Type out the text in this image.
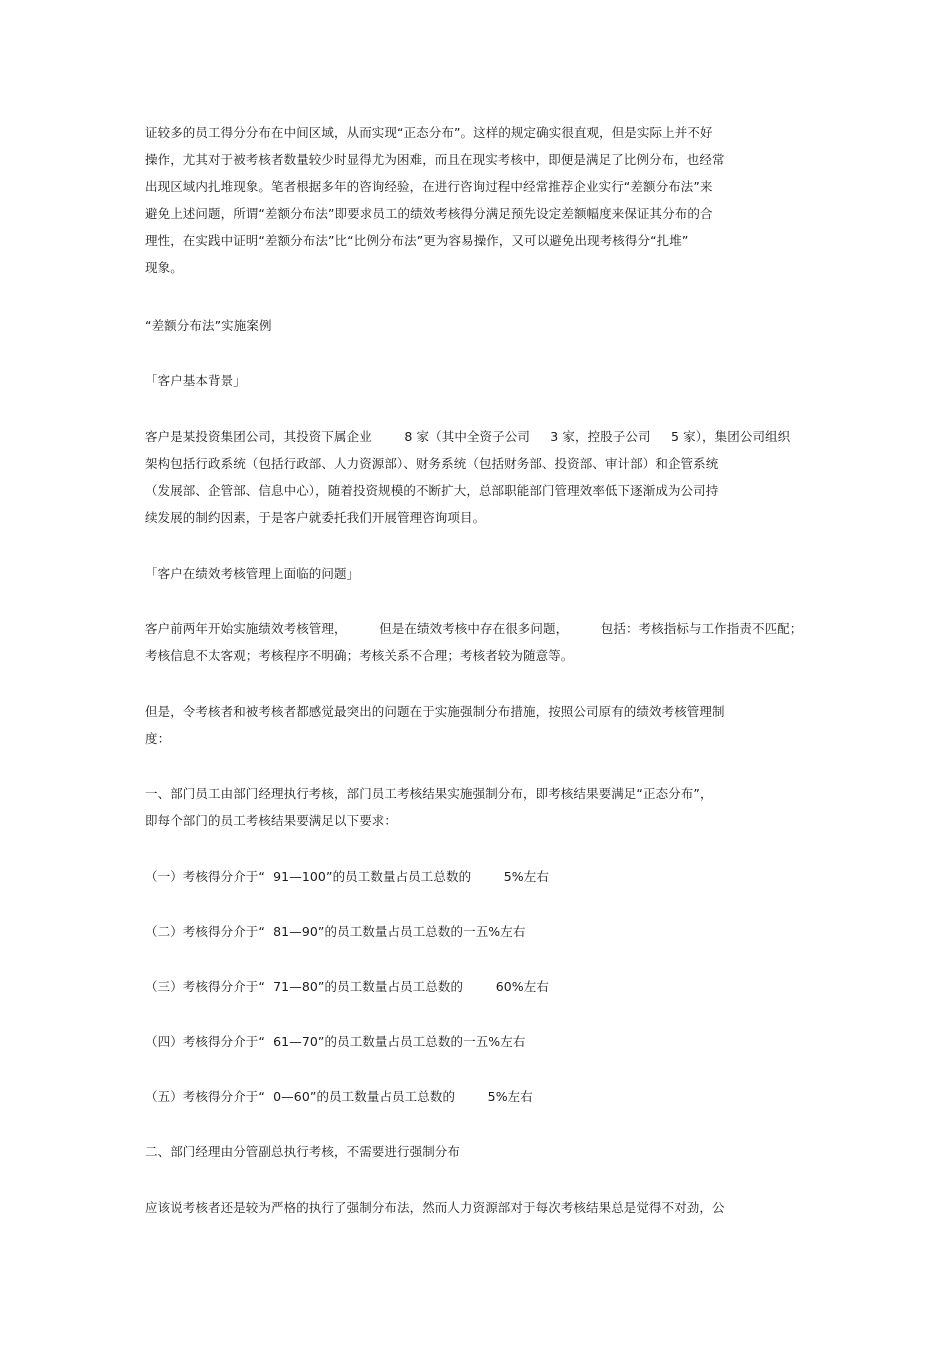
证较多的员工得分分布在中间区域，从而实现“正态分布”。这样的规定确实很直观，但是实际上并不好
操作，尤其对于被考核者数量较少时显得尤为困难，而且在现实考核中，即便是满足了比例分布，也经常
出现区域内扎堆现象。笔者根据多年的咨询经验，在进行咨询过程中经常推荐企业实行“差额分布法”来
避免上述问题，所谓“差额分布法”即要求员工的绩效考核得分满足预先设定差额幅度来保证其分布的合
理性，在实践中证明“差额分布法”比“比例分布法”更为容易操作，又可以避免出现考核得分“扎堆”
现象。
“差额分布法”实施案例
「客户基本背景」
客户是某投资集团公司，其投资下属企业        8 家（其中全资子公司     3 家，控股子公司     5 家），集团公司组织
架构包括行政系统（包括行政部、人力资源部）、财务系统（包括财务部、投资部、审计部）和企管系统
（发展部、企管部、信息中心），随着投资规模的不断扩大，总部职能部门管理效率低下逐渐成为公司持
续发展的制约因素，于是客户就委托我们开展管理咨询项目。
「客户在绩效考核管理上面临的问题」
客户前两年开始实施绩效考核管理，        但是在绩效考核中存在很多问题，        包括：考核指标与工作指责不匹配；
考核信息不太客观；考核程序不明确；考核关系不合理；考核者较为随意等。
但是，令考核者和被考核者都感觉最突出的问题在于实施强制分布措施，按照公司原有的绩效考核管理制
度：
一、部门员工由部门经理执行考核，部门员工考核结果实施强制分布，即考核结果要满足“正态分布”，
即每个部门的员工考核结果要满足以下要求：
（一）考核得分介于“  91—100”的员工数量占员工总数的        5%左右
（二）考核得分介于“  81—90”的员工数量占员工总数的一五%左右
（三）考核得分介于“  71—80”的员工数量占员工总数的        60%左右
（四）考核得分介于“  61—70”的员工数量占员工总数的一五%左右
（五）考核得分介于“  0—60”的员工数量占员工总数的        5%左右
二、部门经理由分管副总执行考核，不需要进行强制分布
应该说考核者还是较为严格的执行了强制分布法，然而人力资源部对于每次考核结果总是觉得不对劲，公
